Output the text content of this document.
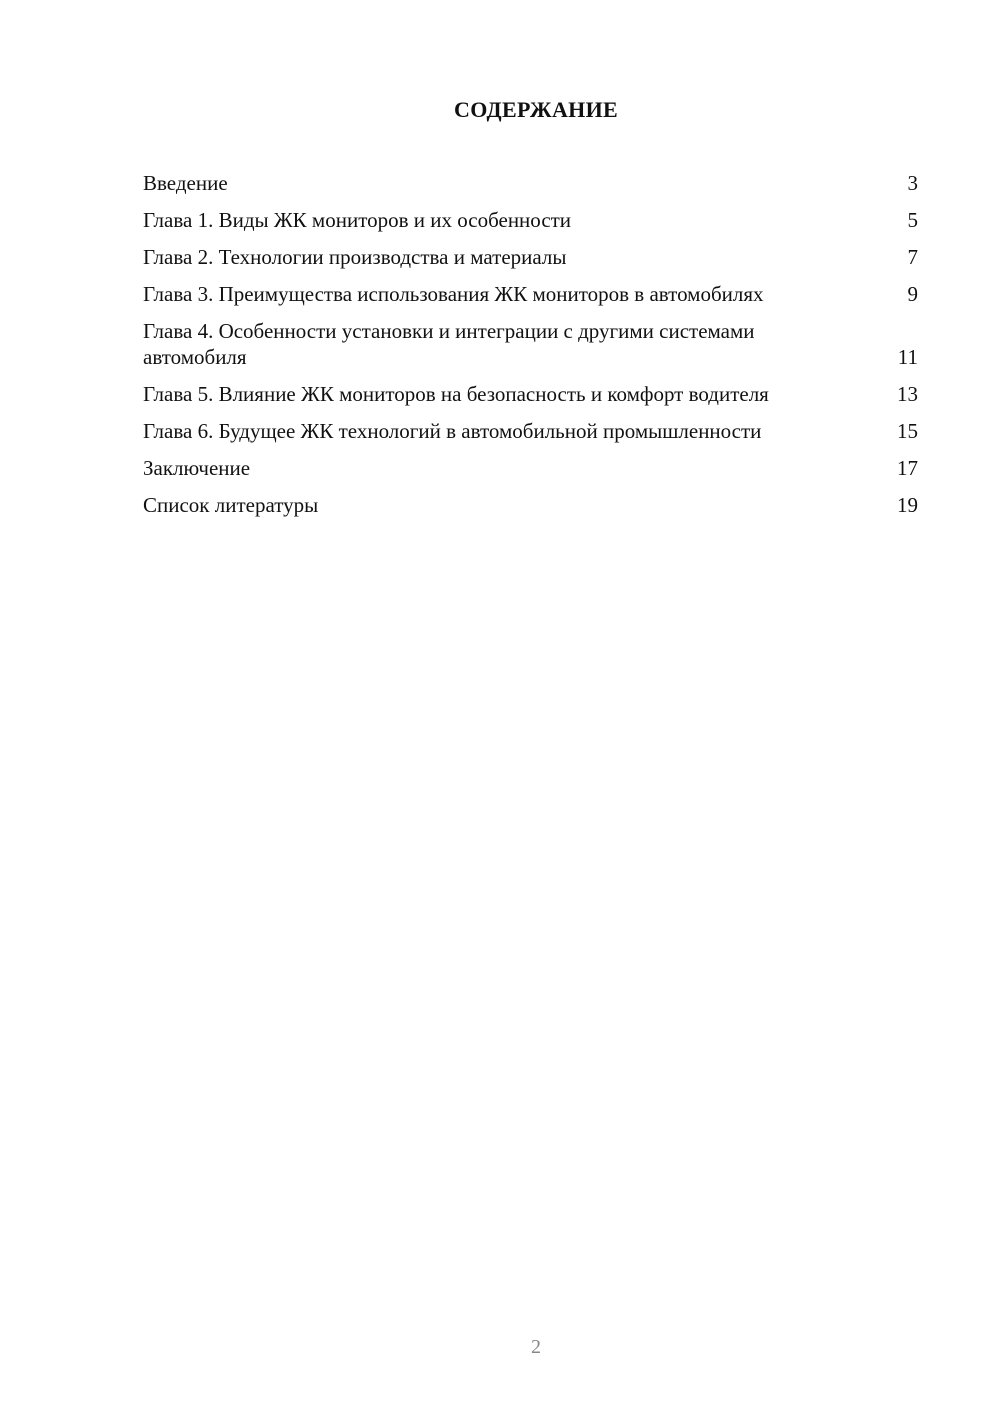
СОДЕРЖАНИЕ
Введение	3
Глава 1. Виды ЖК мониторов и их особенности	5
Глава 2. Технологии производства и материалы	7
Глава 3. Преимущества использования ЖК мониторов в автомобилях	9
Глава 4. Особенности установки и интеграции с другими системами автомобиля	11
Глава 5. Влияние ЖК мониторов на безопасность и комфорт водителя	13
Глава 6. Будущее ЖК технологий в автомобильной промышленности	15
Заключение	17
Список литературы	19
2
